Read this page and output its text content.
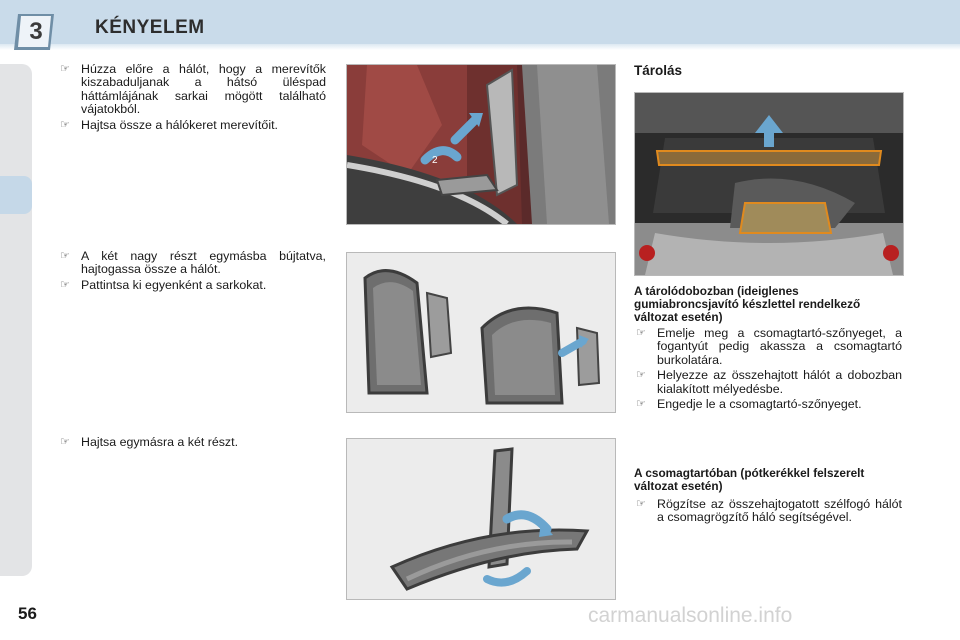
3	KÉNYELEM
☞ Húzza előre a hálót, hogy a merevítők kiszabaduljanak a hátsó üléspad háttámlájának sarkai mögött található vájatokból.
☞ Hajtsa össze a hálókeret merevítőit.
☞ A két nagy részt egymásba bújtatva, hajtogassa össze a hálót.
☞ Pattintsa ki egyenként a sarkokat.
☞ Hajtsa egymásra a két részt.
2
Tárolás
A tárolódobozban (ideiglenes gumiabroncsjavító készlettel rendelkező változat esetén)
☞ Emelje meg a csomagtartó-szőnyeget, a fogantyút pedig akassza a csomagtartó burkolatára.
☞ Helyezze az összehajtott hálót a dobozban kialakított mélyedésbe.
☞ Engedje le a csomagtartó-szőnyeget.
A csomagtartóban (pótkerékkel felszerelt változat esetén)
☞ Rögzítse az összehajtogatott szélfogó hálót a csomagrögzítő háló segítségével.
56	carmanualsonline.info
